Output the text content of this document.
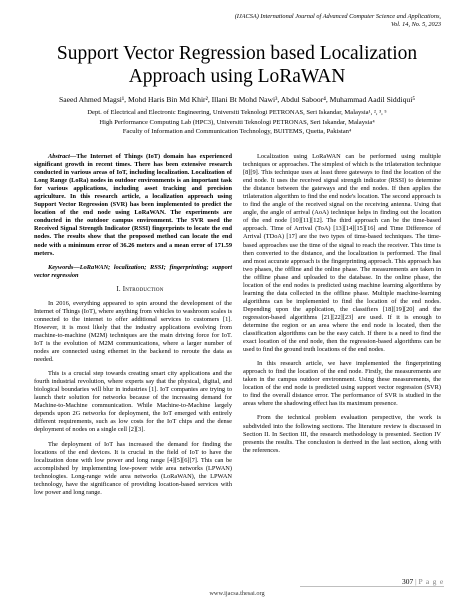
(IJACSA) International Journal of Advanced Computer Science and Applications,
Vol. 14, No. 5, 2023
Support Vector Regression based Localization
Approach using LoRaWAN
Saeed Ahmed Magsi¹, Mohd Haris Bin Md Khir², Illani Bt Mohd Nawi³, Abdul Saboor⁴, Muhammad Aadil Siddiqui⁵
Dept. of Electrical and Electronic Engineering, Universiti Teknologi PETRONAS, Seri Iskandar, Malaysia¹, ², ³, ⁵
High Performance Computing Lab (HPC3), Universiti Teknologi PETRONAS, Seri Iskandar, Malaysia⁴
Faculty of Information and Communication Technology, BUITEMS, Quetta, Pakistan⁴

Abstract—The Internet of Things (IoT) domain has experienced significant growth in recent times. There has been extensive research conducted in various areas of IoT, including localization. Localization of Long Range (LoRa) nodes in outdoor environments is an important task for various applications, including asset tracking and precision agriculture. In this research article, a localization approach using Support Vector Regression (SVR) has been implemented to predict the location of the end node using LoRaWAN. The experiments are conducted in the outdoor campus environment. The SVR used the Received Signal Strength Indicator (RSSI) fingerprints to locate the end nodes. The results show that the proposed method can locate the end node with a minimum error of 36.26 meters and a mean error of 171.59 meters.

Keywords—LoRaWAN; localization; RSSI; fingerprinting; support vector regression

I. Introduction

In 2016, everything appeared to spin around the development of the Internet of Things (IoT), where anything from vehicles to washroom scales is connected to the internet to offer additional services to customers [1]. However, it is most likely that the industry applications evolving from machine-to-machine (M2M) techniques are the main driving force for IoT. IoT is the evolution of M2M communications, where a larger number of nodes are connected using ethernet in the backend to reroute the data as needed.

This is a crucial step towards creating smart city applications and the fourth industrial revolution, where experts say that the physical, digital, and biological boundaries will blur in industries [1]. IoT companies are trying to launch their solution for networks because of the increasing demand for Machine-to-Machine communication. While Machine-to-Machine largely depends upon 2G networks for deployment, the IoT emerged with entirely different requirements, such as low costs for the IoT chips and the dense deployment of nodes on a single cell [2][3].

The deployment of IoT has increased the demand for finding the locations of the end devices. It is crucial in the field of IoT to have the localization done with low power and long range [4][5][6][7]. This can be accomplished by implementing low-power wide area networks (LPWAN) technologies. Long-range wide area networks (LoRaWAN), the LPWAN technology, have the significance of providing location-based services with low power and long range.

Localization using LoRaWAN can be performed using multiple techniques or approaches. The simplest of which is the trilateration technique [8][9]. This technique uses at least three gateways to find the location of the end node. It uses the received signal strength indicator (RSSI) to determine the distance between the gateways and the end nodes. If then applies the trilateration algorithm to find the end node's location. The second approach is to find the angle of the received signal on the receiving antenna. Using that angle, the angle of arrival (AoA) technique helps in finding out the location of the end node [10][11][12]. The third approach can be the time-based approach. Time of Arrival (ToA) [13][14][15][16] and Time Difference of Arrival (TDoA) [17] are the two types of time-based techniques. The time-based approaches use the time of the signal to reach the receiver. This time is then converted to the distance, and the localization is performed. The final and most accurate approach is the fingerprinting approach. This approach has two phases, the offline and the online phase. The measurements are taken in the offline phase and uploaded to the database. In the online phase, the location of the end nodes is predicted using machine learning algorithms by learning the data collected in the offline phase. Multiple machine-learning algorithms can be implemented to find the location of the end nodes. Depending upon the application, the classifiers [18][19][20] and the regression-based algorithms [21][22][23] are used. If it is enough to determine the region or an area where the end node is located, then the classification algorithms can be the easy catch. If there is a need to find the exact location of the end node, then the regression-based algorithms can be used to find the ground truth locations of the end nodes.

In this research article, we have implemented the fingerprinting approach to find the location of the end node. Firstly, the measurements are taken in the campus outdoor environment. Using these measurements, the location of the end node is predicted using support vector regression (SVR) to find the overall distance error. The performance of SVR is studied in the areas where the shadowing effect has its maximum presence.

From the technical problem evaluation perspective, the work is subdivided into the following sections. The literature review is discussed in Section II. In Section III, the research methodology is presented. Section IV presents the results. The conclusion is derived in the last section, along with the references.

307 | P a g e
www.ijacsa.thesai.org
